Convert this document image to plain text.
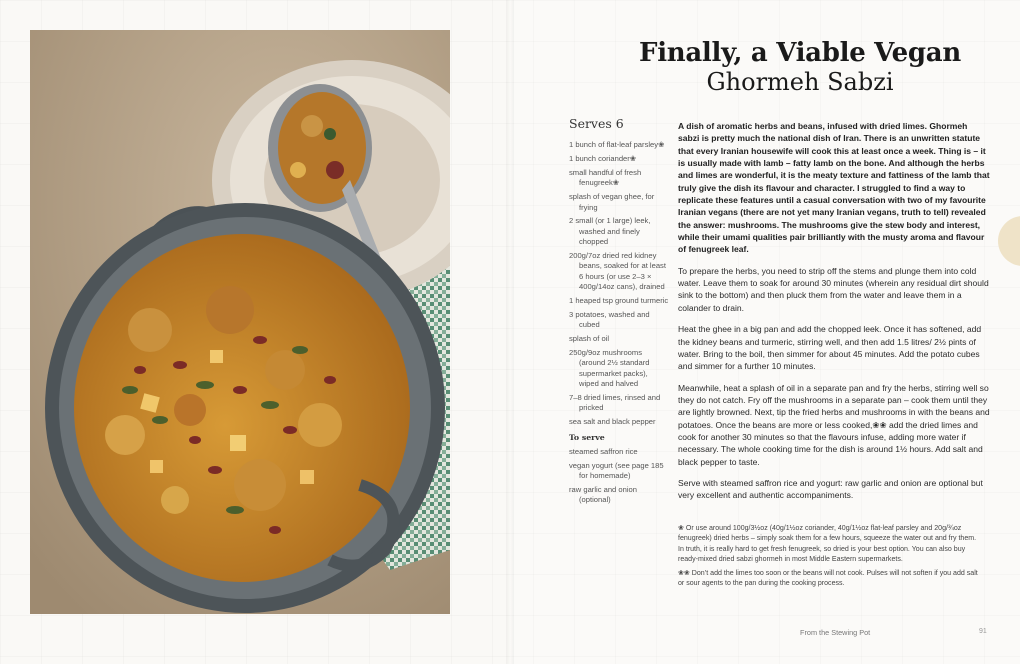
Finally, a Viable Vegan
Ghormeh Sabzi
Serves 6
1 bunch of flat-leaf parsley❀
1 bunch coriander❀
small handful of fresh fenugreek❀
splash of vegan ghee, for frying
2 small (or 1 large) leek, washed and finely chopped
200g/7oz dried red kidney beans, soaked for at least 6 hours (or use 2–3 × 400g/14oz cans), drained
1 heaped tsp ground turmeric
3 potatoes, washed and cubed
splash of oil
250g/9oz mushrooms (around 2½ standard supermarket packs), wiped and halved
7–8 dried limes, rinsed and pricked
sea salt and black pepper
To serve
steamed saffron rice
vegan yogurt (see page 185 for homemade)
raw garlic and onion (optional)

A dish of aromatic herbs and beans, infused with dried limes. Ghormeh sabzi is pretty much the national dish of Iran. There is an unwritten statute that every Iranian housewife will cook this at least once a week. Thing is – it is usually made with lamb – fatty lamb on the bone. And although the herbs and limes are wonderful, it is the meaty texture and fattiness of the lamb that truly give the dish its flavour and character. I struggled to find a way to replicate these features until a casual conversation with two of my favourite Iranian vegans (there are not yet many Iranian vegans, truth to tell) revealed the answer: mushrooms. The mushrooms give the stew body and interest, while their umami qualities pair brilliantly with the musty aroma and flavour of fenugreek leaf.

To prepare the herbs, you need to strip off the stems and plunge them into cold water. Leave them to soak for around 30 minutes (wherein any residual dirt should sink to the bottom) and then pluck them from the water and leave them in a colander to drain.

Heat the ghee in a big pan and add the chopped leek. Once it has softened, add the kidney beans and turmeric, stirring well, and then add 1.5 litres/ 2½ pints of water. Bring to the boil, then simmer for about 45 minutes. Add the potato cubes and simmer for a further 10 minutes.

Meanwhile, heat a splash of oil in a separate pan and fry the herbs, stirring well so they do not catch. Fry off the mushrooms in a separate pan – cook them until they are lightly browned. Next, tip the fried herbs and mushrooms in with the beans and potatoes. Once the beans are more or less cooked,❀❀ add the dried limes and cook for another 30 minutes so that the flavours infuse, adding more water if necessary. The whole cooking time for the dish is around 1½ hours. Add salt and black pepper to taste.

Serve with steamed saffron rice and yogurt: raw garlic and onion are optional but very excellent and authentic accompaniments.

❀ Or use around 100g/3½oz (40g/1½oz coriander, 40g/1½oz flat-leaf parsley and 20g/¾oz fenugreek) dried herbs – simply soak them for a few hours, squeeze the water out and fry them. In truth, it is really hard to get fresh fenugreek, so dried is your best option. You can also buy ready-mixed dried sabzi ghormeh in most Middle Eastern supermarkets.

❀❀ Don’t add the limes too soon or the beans will not cook. Pulses will not soften if you add salt or sour agents to the pan during the cooking process.

From the Stewing Pot	91
